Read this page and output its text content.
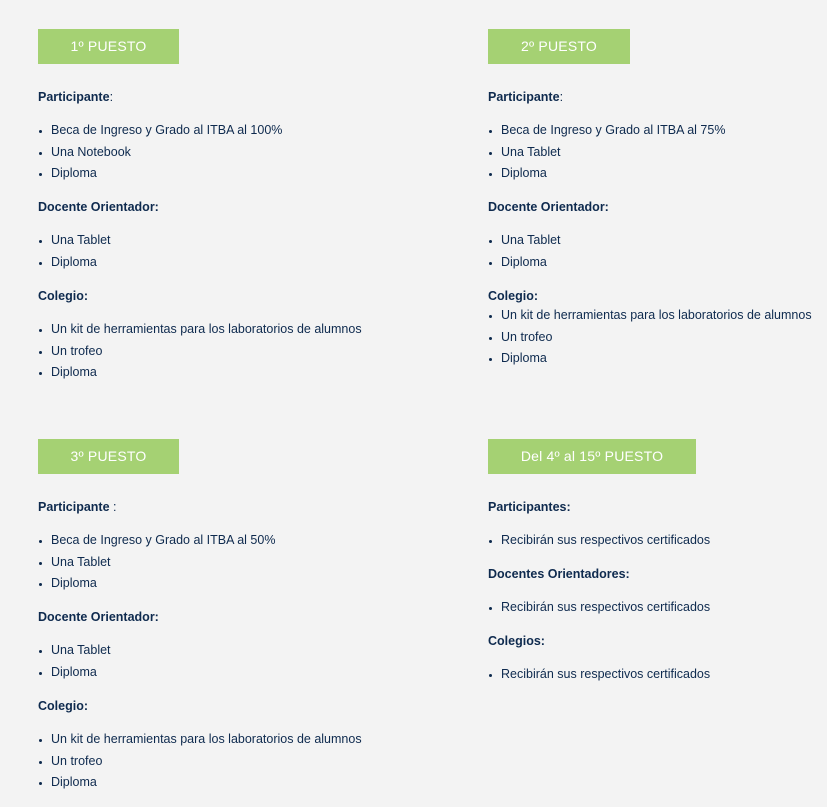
1º PUESTO
Participante:
• Beca de Ingreso y Grado al ITBA al 100%
• Una Notebook
• Diploma
Docente Orientador:
• Una Tablet
• Diploma
Colegio:
• Un kit de herramientas para los laboratorios de alumnos
• Un trofeo
• Diploma
2º PUESTO
Participante:
• Beca de Ingreso y Grado al ITBA al 75%
• Una Tablet
• Diploma
Docente Orientador:
• Una Tablet
• Diploma
Colegio:
• Un kit de herramientas para los laboratorios de alumnos
• Un trofeo
• Diploma
3º PUESTO
Participante :
• Beca de Ingreso y Grado al ITBA al 50%
• Una Tablet
• Diploma
Docente Orientador:
• Una Tablet
• Diploma
Colegio:
• Un kit de herramientas para los laboratorios de alumnos
• Un trofeo
• Diploma
Del 4º al 15º PUESTO
Participantes:
• Recibirán sus respectivos certificados
Docentes Orientadores:
• Recibirán sus respectivos certificados
Colegios:
• Recibirán sus respectivos certificados
